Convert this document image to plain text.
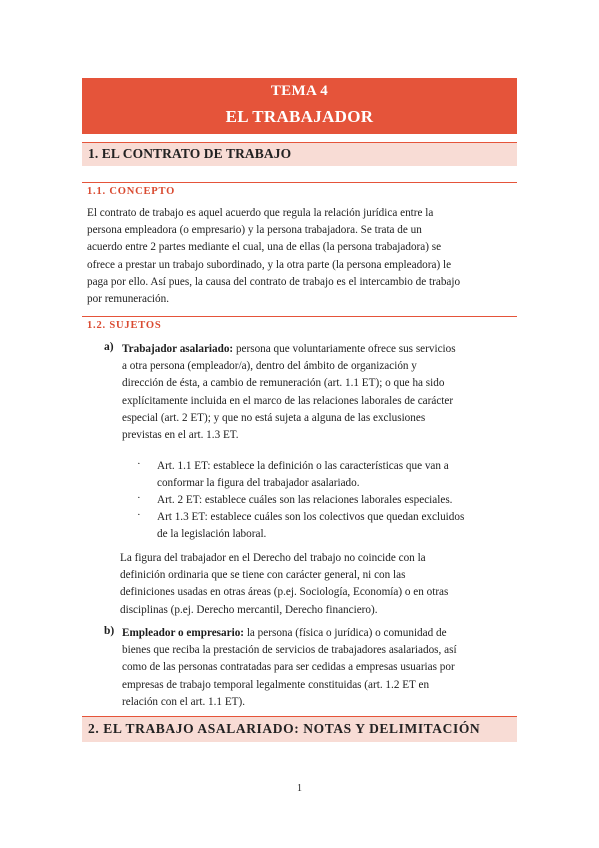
TEMA 4
EL TRABAJADOR
1. EL CONTRATO DE TRABAJO
1.1. CONCEPTO
El contrato de trabajo es aquel acuerdo que regula la relación jurídica entre la
persona empleadora (o empresario) y la persona trabajadora. Se trata de un
acuerdo entre 2 partes mediante el cual, una de ellas (la persona trabajadora) se
ofrece a prestar un trabajo subordinado, y la otra parte (la persona empleadora) le
paga por ello. Así pues, la causa del contrato de trabajo es el intercambio de trabajo
por remuneración.
1.2. SUJETOS
a) Trabajador asalariado: persona que voluntariamente ofrece sus servicios
a otra persona (empleador/a), dentro del ámbito de organización y
dirección de ésta, a cambio de remuneración (art. 1.1 ET); o que ha sido
explícitamente incluida en el marco de las relaciones laborales de carácter
especial (art. 2 ET); y que no está sujeta a alguna de las exclusiones
previstas en el art. 1.3 ET.
· Art. 1.1 ET: establece la definición o las características que van a
conformar la figura del trabajador asalariado.
· Art. 2 ET: establece cuáles son las relaciones laborales especiales.
· Art 1.3 ET: establece cuáles son los colectivos que quedan excluidos
de la legislación laboral.
La figura del trabajador en el Derecho del trabajo no coincide con la
definición ordinaria que se tiene con carácter general, ni con las
definiciones usadas en otras áreas (p.ej. Sociología, Economía) o en otras
disciplinas (p.ej. Derecho mercantil, Derecho financiero).
b) Empleador o empresario: la persona (física o jurídica) o comunidad de
bienes que reciba la prestación de servicios de trabajadores asalariados, así
como de las personas contratadas para ser cedidas a empresas usuarias por
empresas de trabajo temporal legalmente constituidas (art. 1.2 ET en
relación con el art. 1.1 ET).
2. EL TRABAJO ASALARIADO: NOTAS Y DELIMITACIÓN
1
